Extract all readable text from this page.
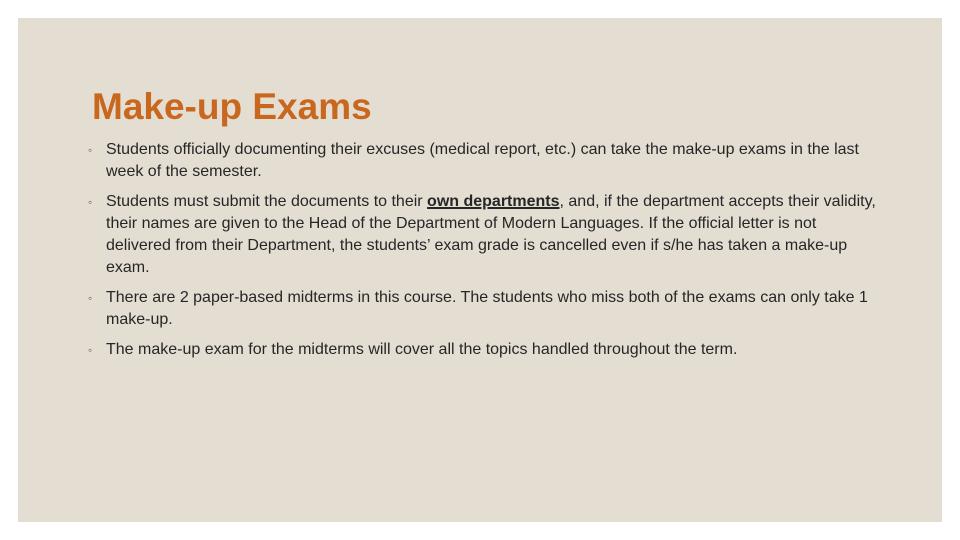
Make-up Exams
◦ Students officially documenting their excuses (medical report, etc.) can take the make-up exams in the last week of the semester.
◦ Students must submit the documents to their own departments, and, if the department accepts their validity, their names are given to the Head of the Department of Modern Languages. If the official letter is not delivered from their Department, the students’ exam grade is cancelled even if s/he has taken a make-up exam.
◦ There are 2 paper-based midterms in this course. The students who miss both of the exams can only take 1 make-up.
◦ The make-up exam for the midterms will cover all the topics handled throughout the term.
